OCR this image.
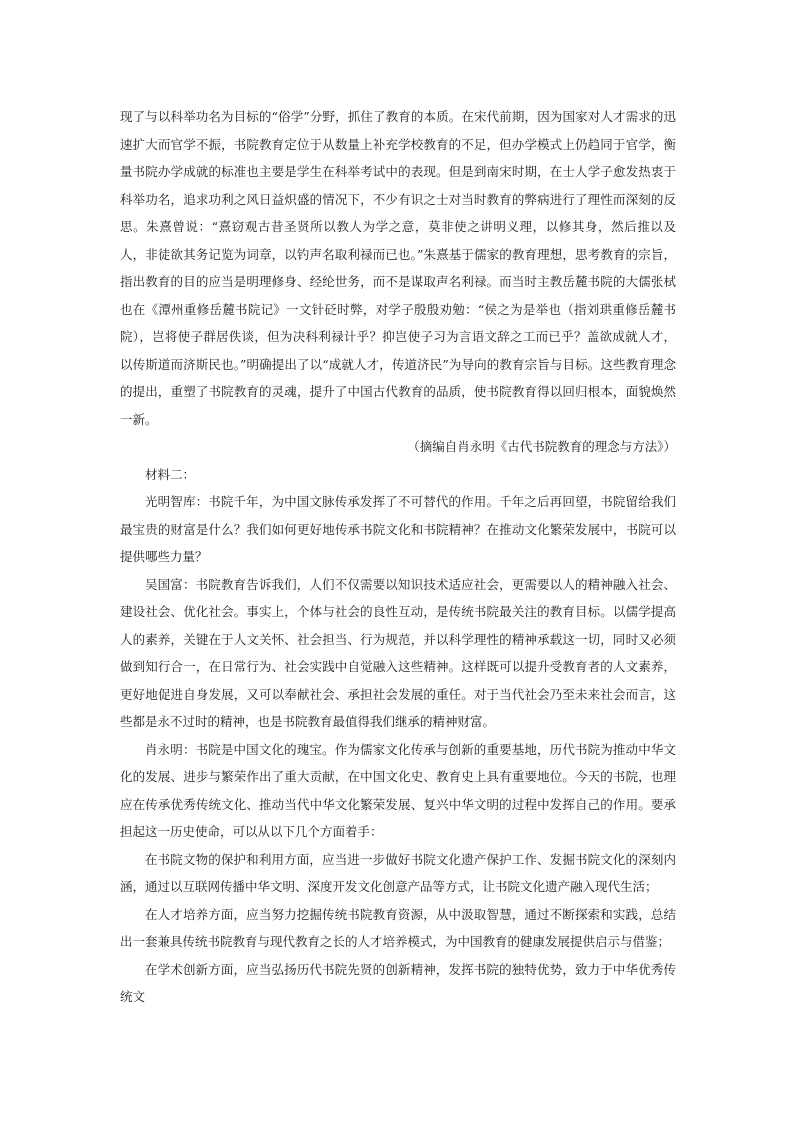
现了与以科举功名为目标的“俗学”分野，抓住了教育的本质。在宋代前期，因为国家对人才需求的迅速扩大而官学不振，书院教育定位于从数量上补充学校教育的不足，但办学模式上仍趋同于官学，衡量书院办学成就的标准也主要是学生在科举考试中的表现。但是到南宋时期，在士人学子愈发热衷于科举功名，追求功利之风日益炽盛的情况下，不少有识之士对当时教育的弊病进行了理性而深刻的反思。朱熹曾说：“熹窃观古昔圣贤所以教人为学之意，莫非使之讲明义理，以修其身，然后推以及人，非徒欲其务记览为词章，以钓声名取利禄而已也。”朱熹基于儒家的教育理想，思考教育的宗旨，指出教育的目的应当是明理修身、经纶世务，而不是谋取声名利禄。而当时主教岳麓书院的大儒张栻也在《潭州重修岳麓书院记》一文针砭时弊，对学子殷殷劝勉：“侯之为是举也（指刘珙重修岳麓书院），岂将使子群居佚谈，但为决科利禄计乎？抑岂使子习为言语文辞之工而已乎？盖欲成就人才，以传斯道而济斯民也。”明确提出了以“成就人才，传道济民”为导向的教育宗旨与目标。这些教育理念的提出，重塑了书院教育的灵魂，提升了中国古代教育的品质，使书院教育得以回归根本，面貌焕然一新。

（摘编自肖永明《古代书院教育的理念与方法》）

材料二：

光明智库：书院千年，为中国文脉传承发挥了不可替代的作用。千年之后再回望，书院留给我们最宝贵的财富是什么？我们如何更好地传承书院文化和书院精神？在推动文化繁荣发展中，书院可以提供哪些力量？

吴国富：书院教育告诉我们，人们不仅需要以知识技术适应社会，更需要以人的精神融入社会、建设社会、优化社会。事实上，个体与社会的良性互动，是传统书院最关注的教育目标。以儒学提高人的素养，关键在于人文关怀、社会担当、行为规范，并以科学理性的精神承载这一切，同时又必须做到知行合一，在日常行为、社会实践中自觉融入这些精神。这样既可以提升受教育者的人文素养，更好地促进自身发展，又可以奉献社会、承担社会发展的重任。对于当代社会乃至未来社会而言，这些都是永不过时的精神，也是书院教育最值得我们继承的精神财富。

肖永明：书院是中国文化的瑰宝。作为儒家文化传承与创新的重要基地，历代书院为推动中华文化的发展、进步与繁荣作出了重大贡献，在中国文化史、教育史上具有重要地位。今天的书院，也理应在传承优秀传统文化、推动当代中华文化繁荣发展、复兴中华文明的过程中发挥自己的作用。要承担起这一历史使命，可以从以下几个方面着手：

在书院文物的保护和利用方面，应当进一步做好书院文化遗产保护工作、发掘书院文化的深刻内涵，通过以互联网传播中华文明、深度开发文化创意产品等方式，让书院文化遗产融入现代生活；

在人才培养方面，应当努力挖掘传统书院教育资源，从中汲取智慧，通过不断探索和实践，总结出一套兼具传统书院教育与现代教育之长的人才培养模式，为中国教育的健康发展提供启示与借鉴；

在学术创新方面，应当弘扬历代书院先贤的创新精神，发挥书院的独特优势，致力于中华优秀传统文
